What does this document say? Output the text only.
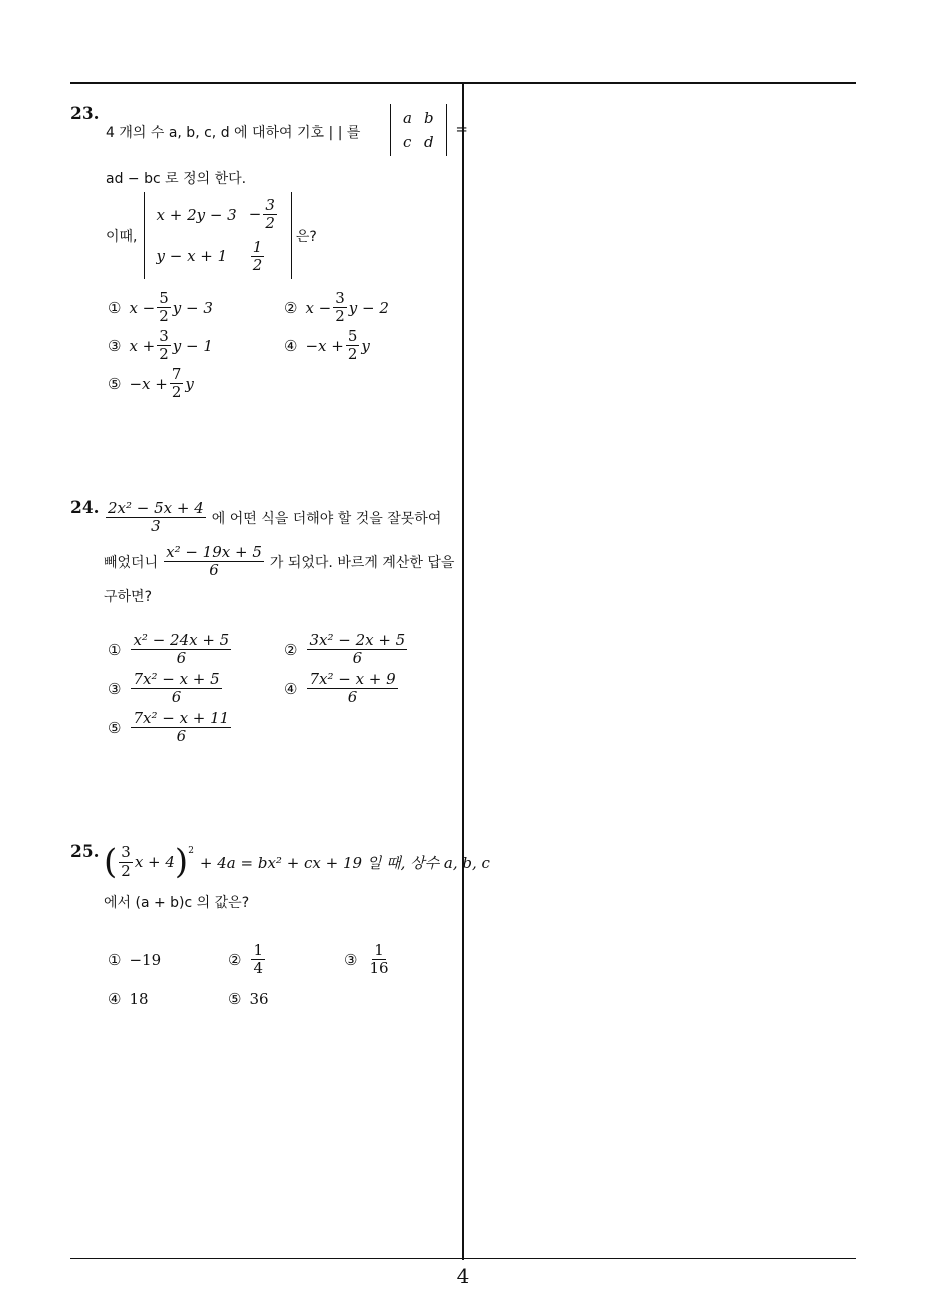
23.
4 개의 수 a, b, c, d 에 대하여 기호 | | 를
a	b
c	d
=
ad − bc 로 정의 한다.
이때,
x + 2y − 3	− $\frac{3}{2}$

y − x + 1	$\frac{1}{2}$
은?
① $x - \frac{5}{2}$ y − 3	② $x - \frac{3}{2}$ y − 2
③ $x + \frac{3}{2}$ y − 1	④ $-x + \frac{5}{2}$ y
⑤ $-x + \frac{7}{2}$ y
24. $\frac{\text{2x² − 5x + 4}}{3}$ 에 어떤 식을 더해야 할 것을 잘못하여
빼었더니 $\frac{\text{x² − 19x + 5}}{6}$ 가 되었다. 바르게 계산한 답을
구하면?
① $\frac{\text{x² − 24x + 5}}{6}$	② $\frac{\text{3x² − 2x + 5}}{6}$
③ $\frac{\text{7x² − x + 5}}{6}$	④ $\frac{\text{7x² − x + 9}}{6}$
⑤ $\frac{\text{7x² − x + 11}}{6}$
25. ( $\frac{3}{2}$ x + 4 )$^2$
+ 4a = bx² + cx + 19 일 때, 상수 a, b, c
에서 (a + b)c 의 값은?
① −19	② $\frac{1}{4}$	③ $\frac{1}{16}$
④ 18	⑤ 36
4
